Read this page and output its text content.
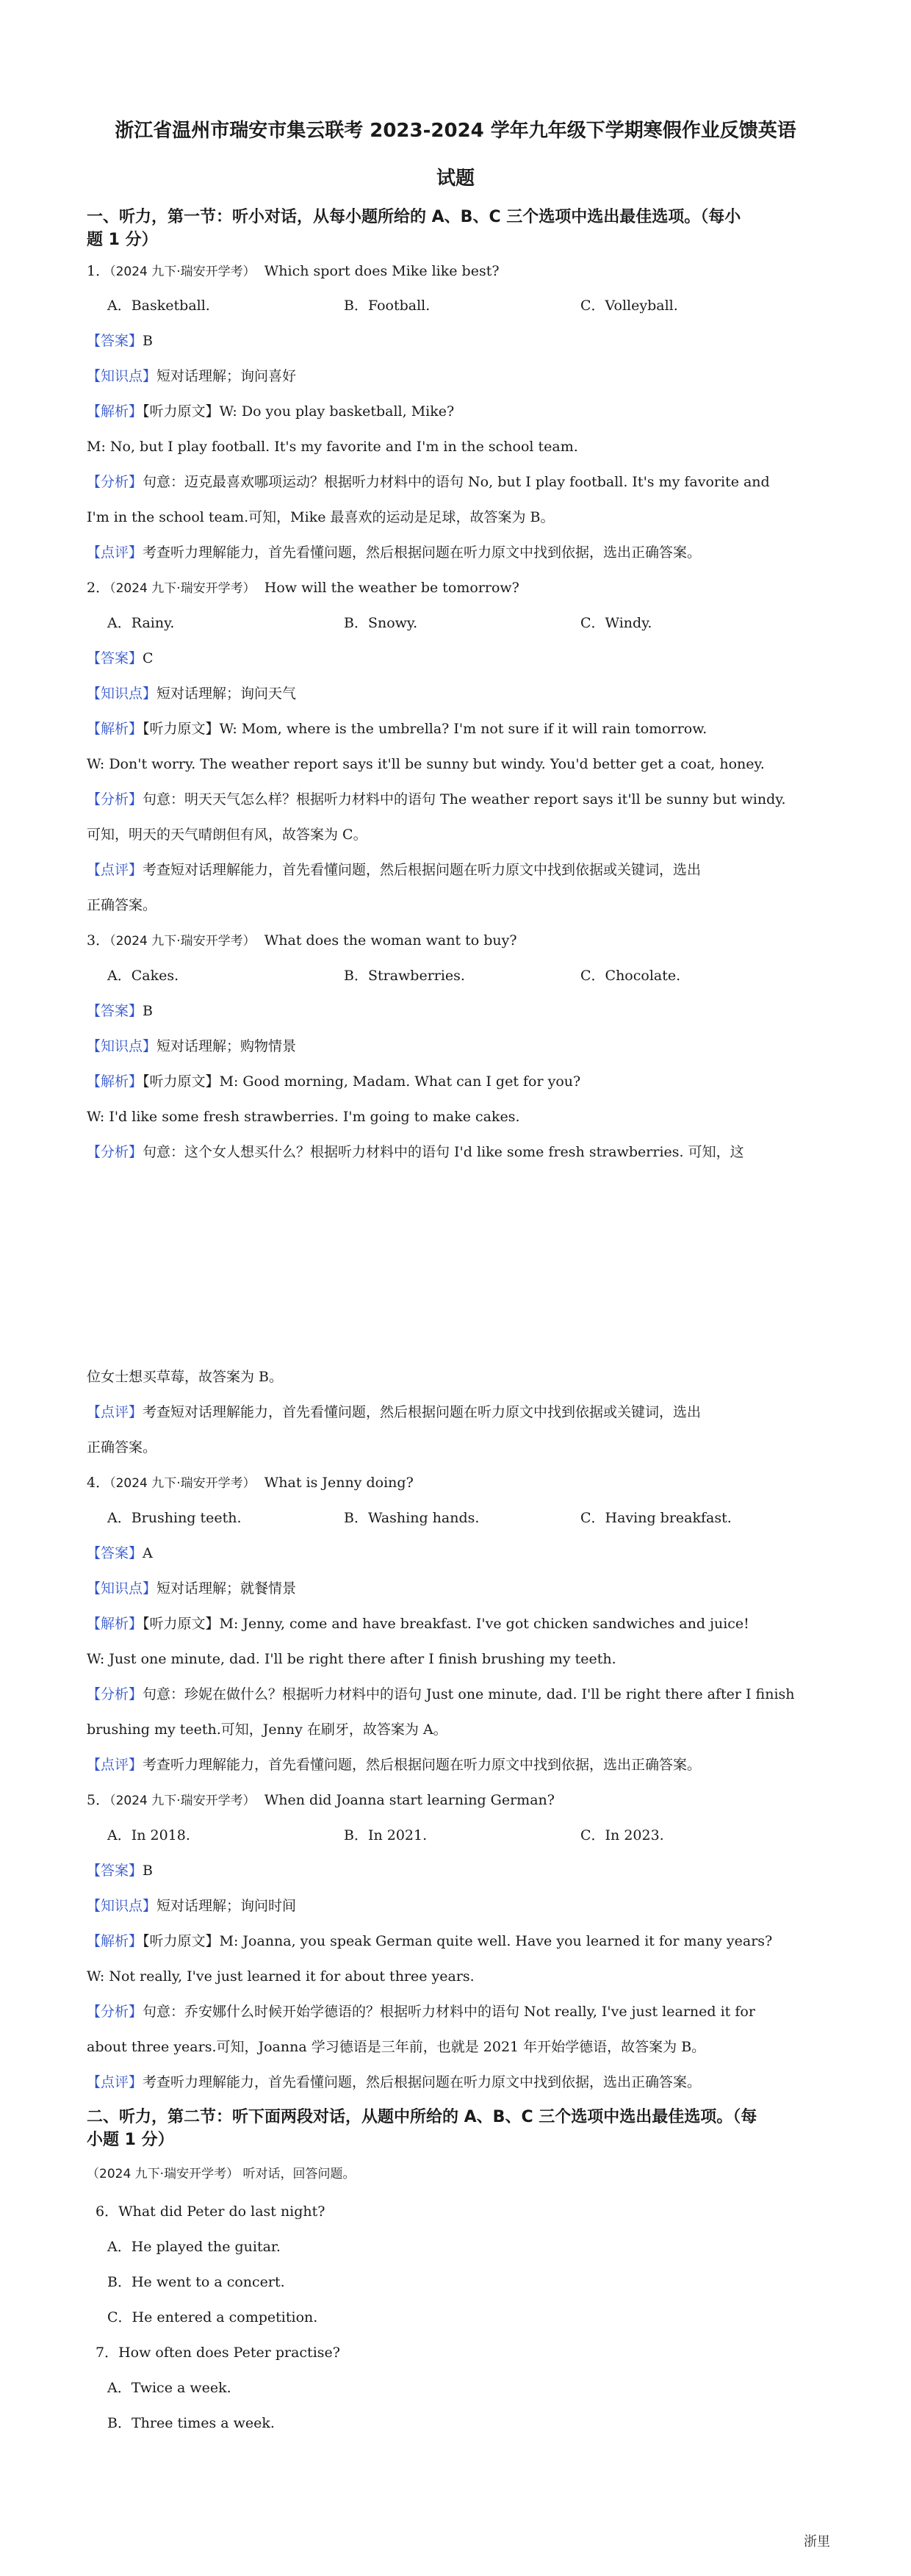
浙江省温州市瑞安市集云联考 2023-2024 学年九年级下学期寒假作业反馈英语
试题
一、听力，第一节：听小对话，从每小题所给的 A、B、C 三个选项中选出最佳选项。（每小
题 1 分）
1．（2024 九下·瑞安开学考） Which sport does Mike like best?
A．Basketball.	B．Football.	C．Volleyball.
【答案】B
【知识点】短对话理解；询问喜好
【解析】【听力原文】W: Do you play basketball, Mike?
M: No, but I play football. It's my favorite and I'm in the school team.
【分析】句意：迈克最喜欢哪项运动？根据听力材料中的语句 No, but I play football. It's my favorite and
I'm in the school team.可知，Mike 最喜欢的运动是足球，故答案为 B。
【点评】考查听力理解能力，首先看懂问题，然后根据问题在听力原文中找到依据，选出正确答案。
2．（2024 九下·瑞安开学考） How will the weather be tomorrow?
A．Rainy.	B．Snowy.	C．Windy.
【答案】C
【知识点】短对话理解；询问天气
【解析】【听力原文】W: Mom, where is the umbrella? I'm not sure if it will rain tomorrow.
W: Don't worry. The weather report says it'll be sunny but windy. You'd better get a coat, honey.
【分析】句意：明天天气怎么样？根据听力材料中的语句 The weather report says it'll be sunny but windy.
可知，明天的天气晴朗但有风，故答案为 C。
【点评】考查短对话理解能力，首先看懂问题，然后根据问题在听力原文中找到依据或关键词，选出
正确答案。
3．（2024 九下·瑞安开学考） What does the woman want to buy?
A．Cakes.	B．Strawberries.	C．Chocolate.
【答案】B
【知识点】短对话理解；购物情景
【解析】【听力原文】M: Good morning, Madam. What can I get for you?
W: I'd like some fresh strawberries. I'm going to make cakes.
【分析】句意：这个女人想买什么？根据听力材料中的语句 I'd like some fresh strawberries. 可知，这
位女士想买草莓，故答案为 B。
【点评】考查短对话理解能力，首先看懂问题，然后根据问题在听力原文中找到依据或关键词，选出
正确答案。
4．（2024 九下·瑞安开学考） What is Jenny doing?
A．Brushing teeth.	B．Washing hands.	C．Having breakfast.
【答案】A
【知识点】短对话理解；就餐情景
【解析】【听力原文】M: Jenny, come and have breakfast. I've got chicken sandwiches and juice!
W: Just one minute, dad. I'll be right there after I finish brushing my teeth.
【分析】句意：珍妮在做什么？根据听力材料中的语句 Just one minute, dad. I'll be right there after I finish
brushing my teeth.可知，Jenny 在刷牙，故答案为 A。
【点评】考查听力理解能力，首先看懂问题，然后根据问题在听力原文中找到依据，选出正确答案。
5．（2024 九下·瑞安开学考） When did Joanna start learning German?
A．In 2018.	B．In 2021.	C．In 2023.
【答案】B
【知识点】短对话理解；询问时间
【解析】【听力原文】M: Joanna, you speak German quite well. Have you learned it for many years?
W: Not really, I've just learned it for about three years.
【分析】句意：乔安娜什么时候开始学德语的？根据听力材料中的语句 Not really, I've just learned it for
about three years.可知，Joanna 学习德语是三年前，也就是 2021 年开始学德语，故答案为 B。
【点评】考查听力理解能力，首先看懂问题，然后根据问题在听力原文中找到依据，选出正确答案。
二、听力，第二节：听下面两段对话，从题中所给的 A、B、C 三个选项中选出最佳选项。（每
小题 1 分）
（2024 九下·瑞安开学考） 听对话，回答问题。
6．What did Peter do last night?
A．He played the guitar.
B．He went to a concert.
C．He entered a competition.
7．How often does Peter practise?
A．Twice a week.
B．Three times a week.
浙里
